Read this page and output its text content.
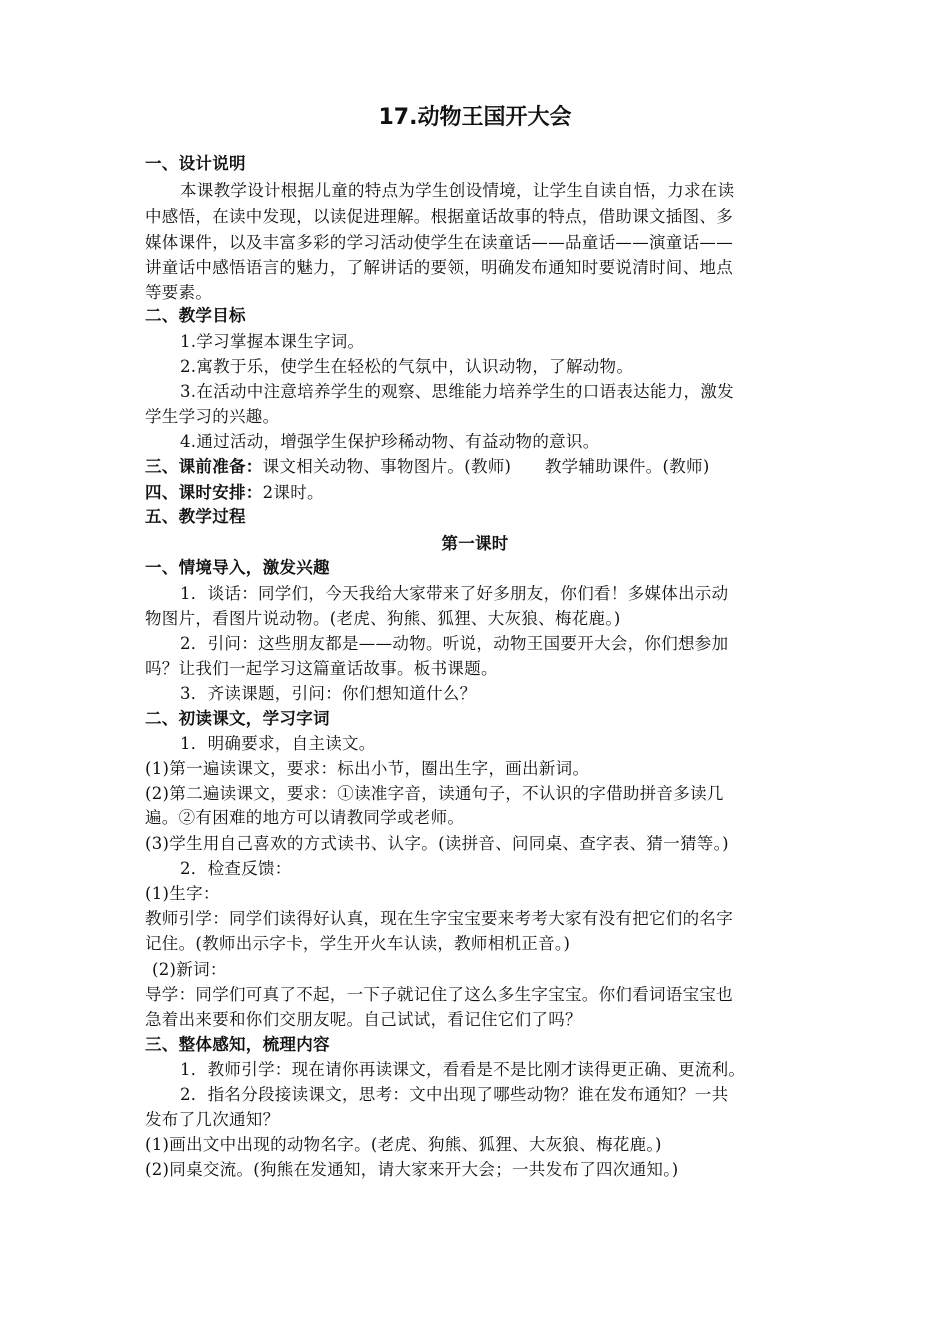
17.动物王国开大会
一、设计说明
本课教学设计根据儿童的特点为学生创设情境，让学生自读自悟，力求在读
中感悟，在读中发现，以读促进理解。根据童话故事的特点，借助课文插图、多
媒体课件，以及丰富多彩的学习活动使学生在读童话——品童话——演童话——
讲童话中感悟语言的魅力，了解讲话的要领，明确发布通知时要说清时间、地点
等要素。
二、教学目标
1.学习掌握本课生字词。
2.寓教于乐，使学生在轻松的气氛中，认识动物，了解动物。
3.在活动中注意培养学生的观察、思维能力培养学生的口语表达能力，激发
学生学习的兴趣。
4.通过活动，增强学生保护珍稀动物、有益动物的意识。
三、课前准备：课文相关动物、事物图片。(教师)　　教学辅助课件。(教师)
四、课时安排：2课时。
五、教学过程
第一课时
一、情境导入，激发兴趣
1．谈话：同学们，今天我给大家带来了好多朋友，你们看！多媒体出示动
物图片，看图片说动物。(老虎、狗熊、狐狸、大灰狼、梅花鹿。)
2．引问：这些朋友都是——动物。听说，动物王国要开大会，你们想参加
吗？让我们一起学习这篇童话故事。板书课题。
3．齐读课题，引问：你们想知道什么？
二、初读课文，学习字词
1．明确要求，自主读文。
(1)第一遍读课文，要求：标出小节，圈出生字，画出新词。
(2)第二遍读课文，要求：①读准字音，读通句子，不认识的字借助拼音多读几
遍。②有困难的地方可以请教同学或老师。
(3)学生用自己喜欢的方式读书、认字。(读拼音、问同桌、查字表、猜一猜等。)
2．检查反馈：
(1)生字：
教师引学：同学们读得好认真，现在生字宝宝要来考考大家有没有把它们的名字
记住。(教师出示字卡，学生开火车认读，教师相机正音。)
(2)新词：
导学：同学们可真了不起，一下子就记住了这么多生字宝宝。你们看词语宝宝也
急着出来要和你们交朋友呢。自己试试，看记住它们了吗？
三、整体感知，梳理内容
1．教师引学：现在请你再读课文，看看是不是比刚才读得更正确、更流利。
2．指名分段接读课文，思考：文中出现了哪些动物？谁在发布通知？一共
发布了几次通知？
(1)画出文中出现的动物名字。(老虎、狗熊、狐狸、大灰狼、梅花鹿。)
(2)同桌交流。(狗熊在发通知，请大家来开大会；一共发布了四次通知。)
